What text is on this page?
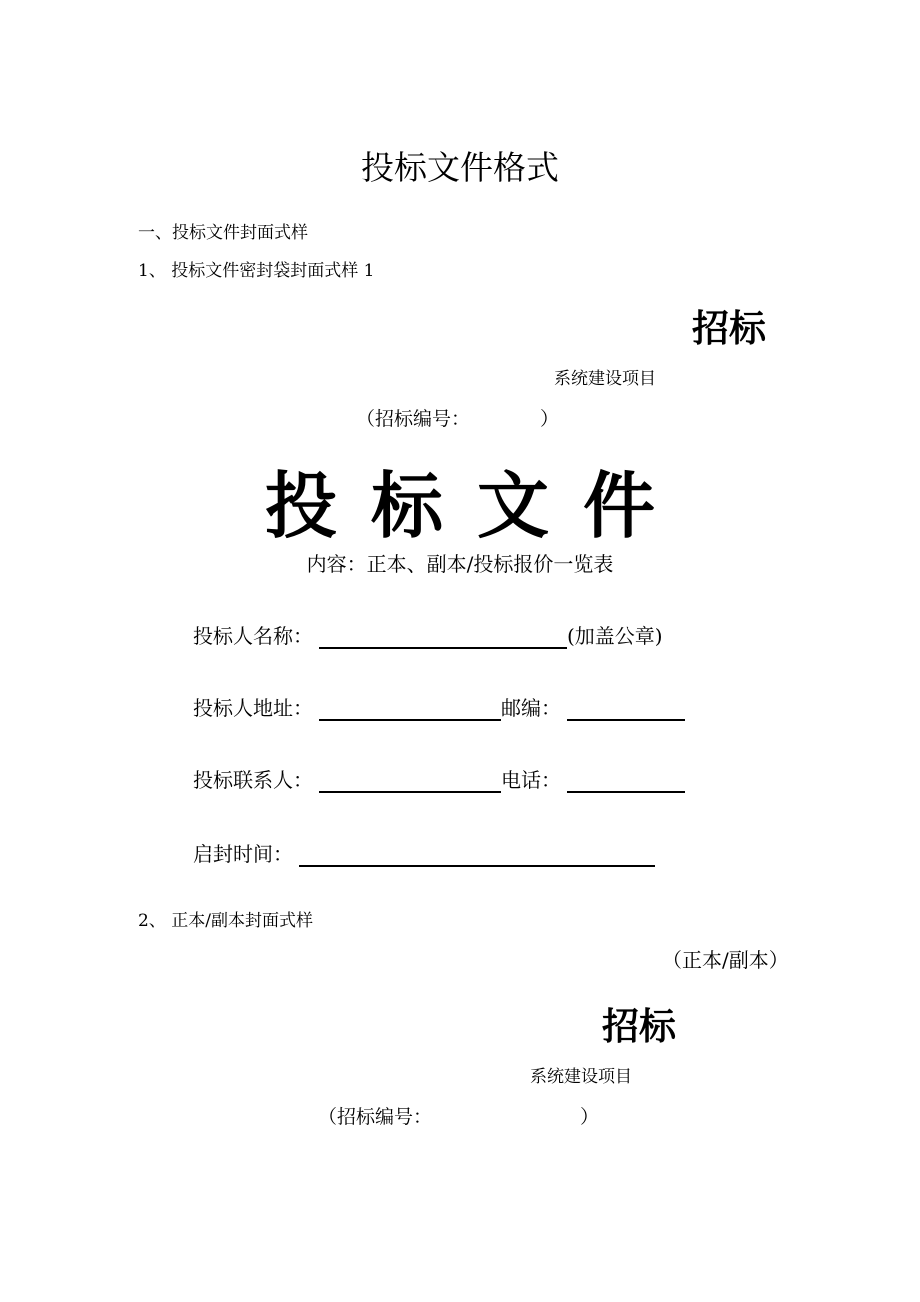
投标文件格式
一、投标文件封面式样
1、 投标文件密封袋封面式样 1
招标
系统建设项目
（招标编号：	）
投标文件
内容：正本、副本/投标报价一览表
投标人名称：	(加盖公章)
投标人地址：	邮编：
投标联系人：	电话：
启封时间：
2、 正本/副本封面式样
（正本/副本）
招标
系统建设项目
（招标编号：	）
